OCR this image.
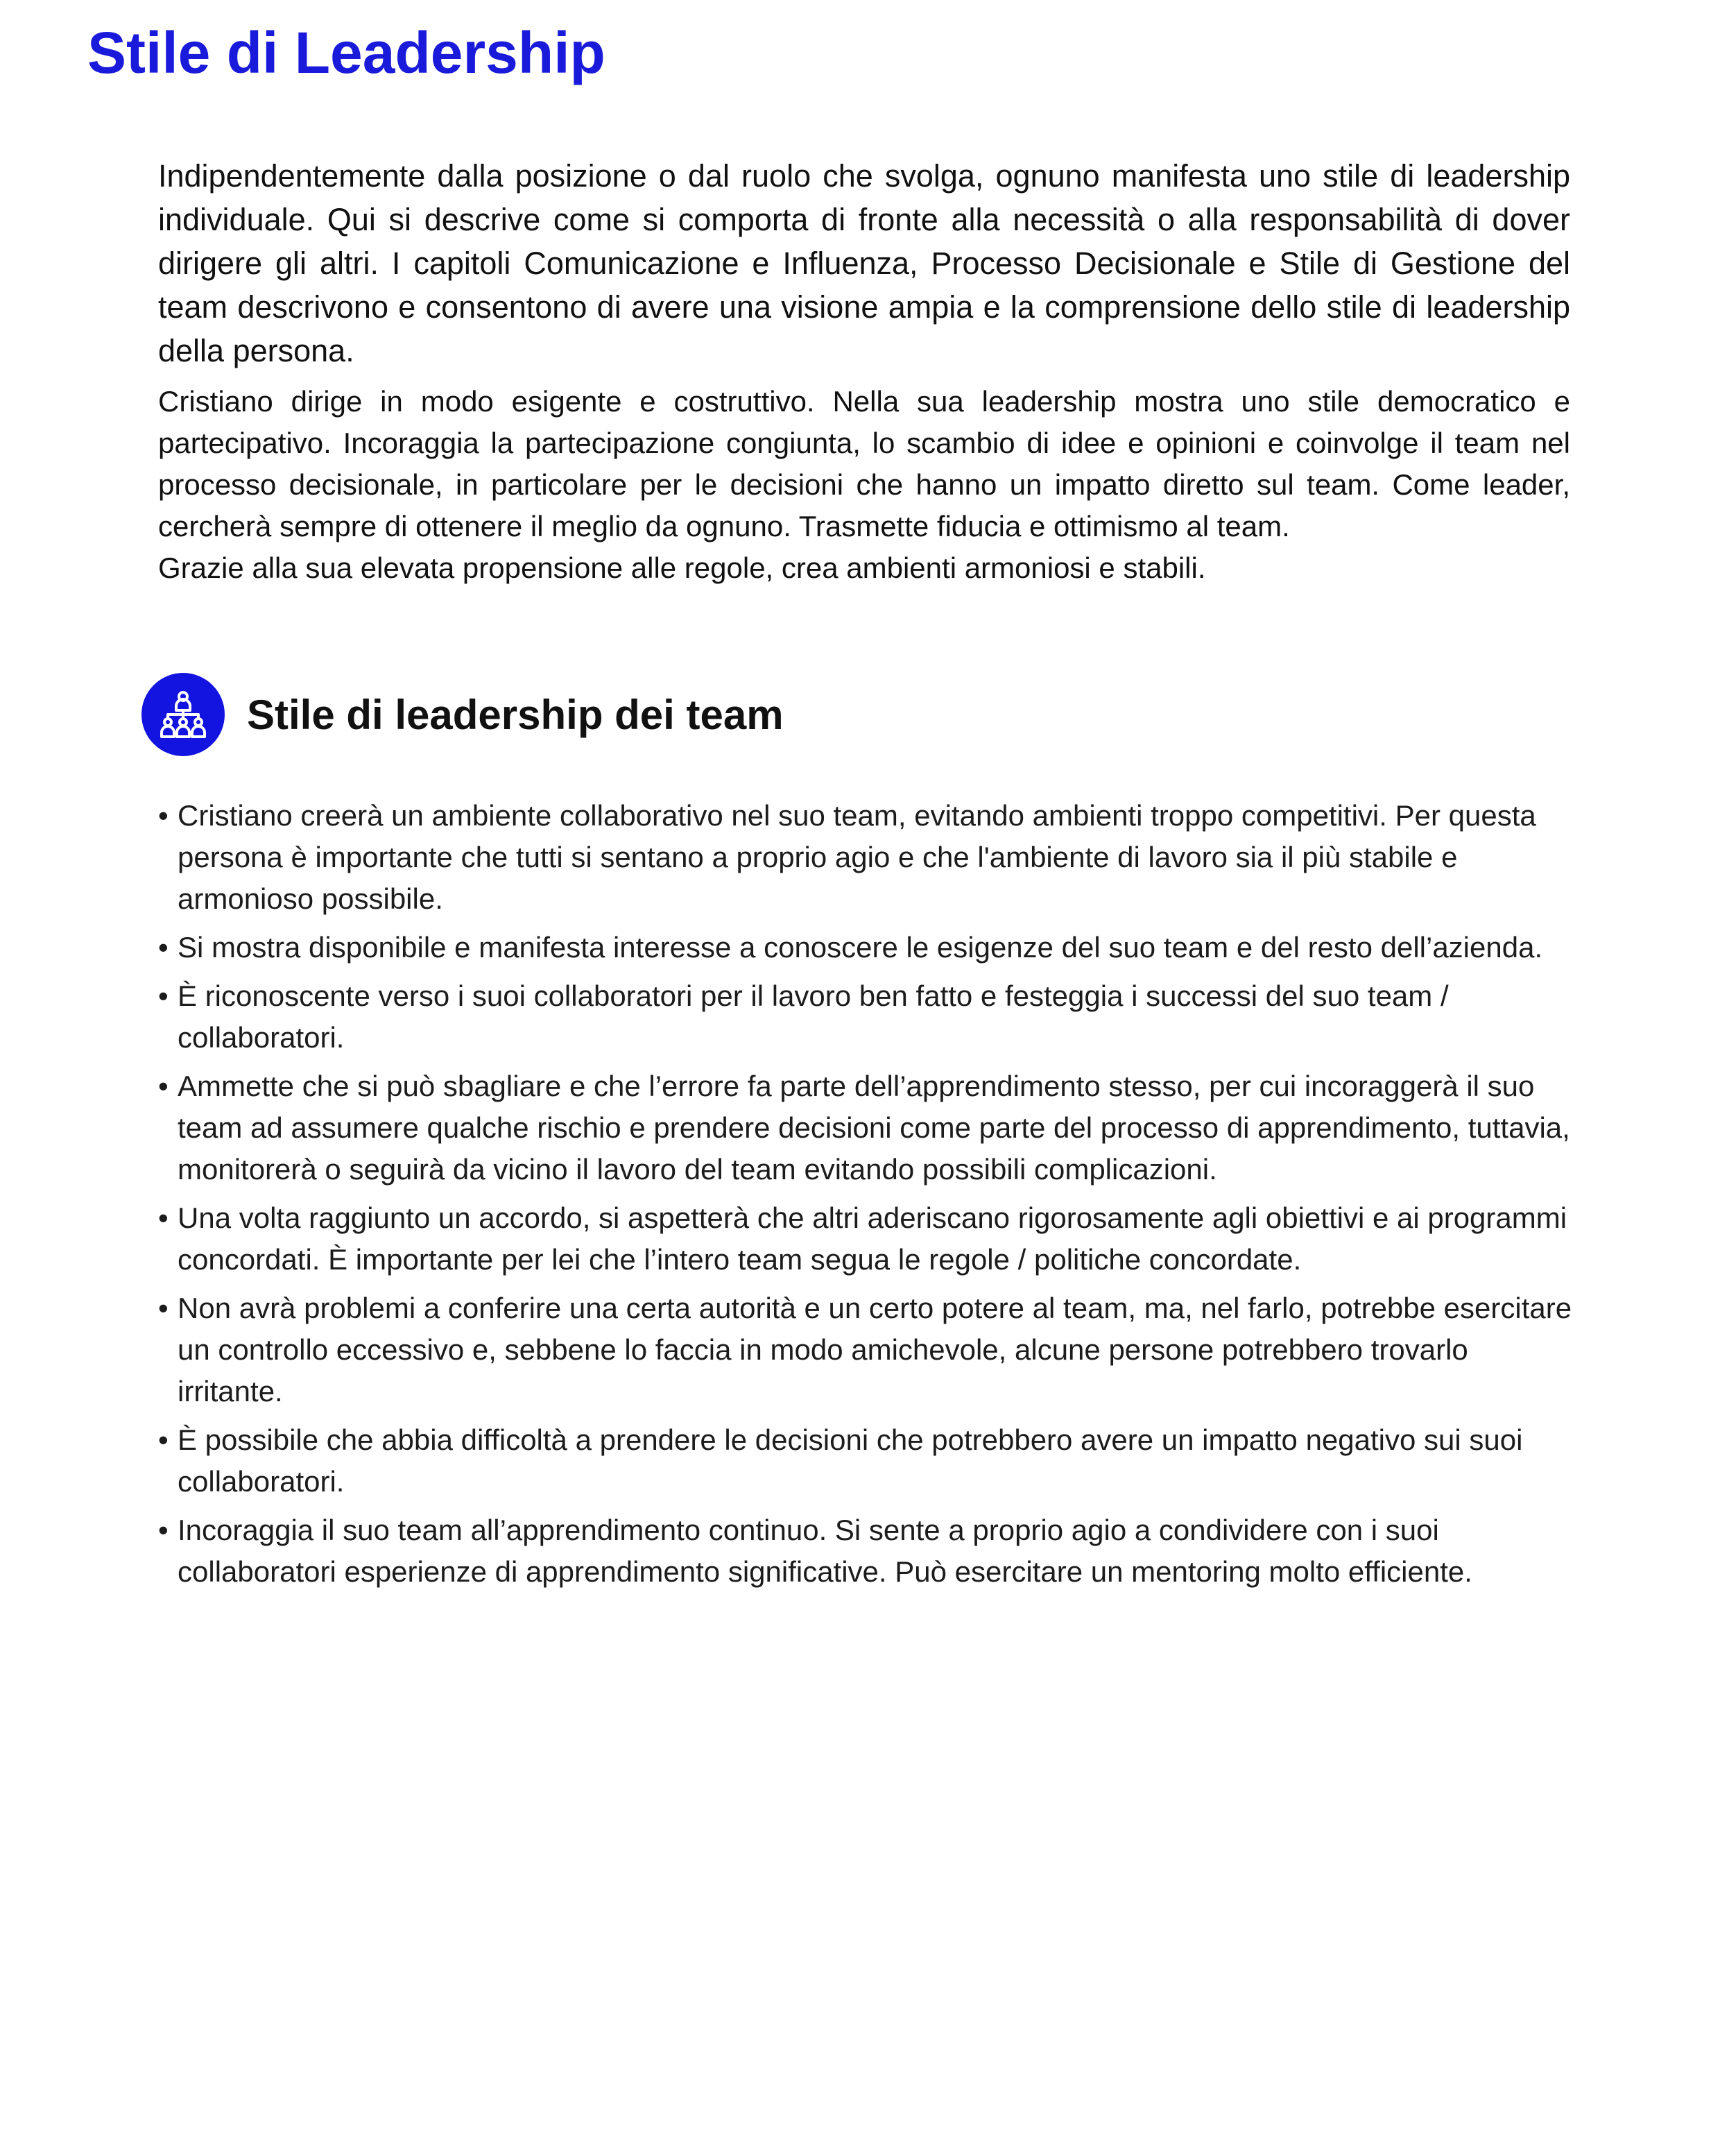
Stile di Leadership

Indipendentemente dalla posizione o dal ruolo che svolga, ognuno manifesta uno stile di leadership individuale. Qui si descrive come si comporta di fronte alla necessità o alla responsabilità di dover dirigere gli altri. I capitoli Comunicazione e Influenza, Processo Decisionale e Stile di Gestione del team descrivono e consentono di avere una visione ampia e la comprensione dello stile di leadership della persona.

Cristiano dirige in modo esigente e costruttivo. Nella sua leadership mostra uno stile democratico e partecipativo. Incoraggia la partecipazione congiunta, lo scambio di idee e opinioni e coinvolge il team nel processo decisionale, in particolare per le decisioni che hanno un impatto diretto sul team. Come leader, cercherà sempre di ottenere il meglio da ognuno. Trasmette fiducia e ottimismo al team.

Grazie alla sua elevata propensione alle regole, crea ambienti armoniosi e stabili.

Stile di leadership dei team
• Cristiano creerà un ambiente collaborativo nel suo team, evitando ambienti troppo competitivi. Per questa persona è importante che tutti si sentano a proprio agio e che l'ambiente di lavoro sia il più stabile e armonioso possibile.
• Si mostra disponibile e manifesta interesse a conoscere le esigenze del suo team e del resto dell’azienda.
• È riconoscente verso i suoi collaboratori per il lavoro ben fatto e festeggia i successi del suo team / collaboratori.
• Ammette che si può sbagliare e che l’errore fa parte dell’apprendimento stesso, per cui incoraggerà il suo team ad assumere qualche rischio e prendere decisioni come parte del processo di apprendimento, tuttavia, monitorerà o seguirà da vicino il lavoro del team evitando possibili complicazioni.
• Una volta raggiunto un accordo, si aspetterà che altri aderiscano rigorosamente agli obiettivi e ai programmi concordati. È importante per lei che l’intero team segua le regole / politiche concordate.
• Non avrà problemi a conferire una certa autorità e un certo potere al team, ma, nel farlo, potrebbe esercitare un controllo eccessivo e, sebbene lo faccia in modo amichevole, alcune persone potrebbero trovarlo irritante.
• È possibile che abbia difficoltà a prendere le decisioni che potrebbero avere un impatto negativo sui suoi collaboratori.
• Incoraggia il suo team all’apprendimento continuo. Si sente a proprio agio a condividere con i suoi collaboratori esperienze di apprendimento significative. Può esercitare un mentoring molto efficiente.
